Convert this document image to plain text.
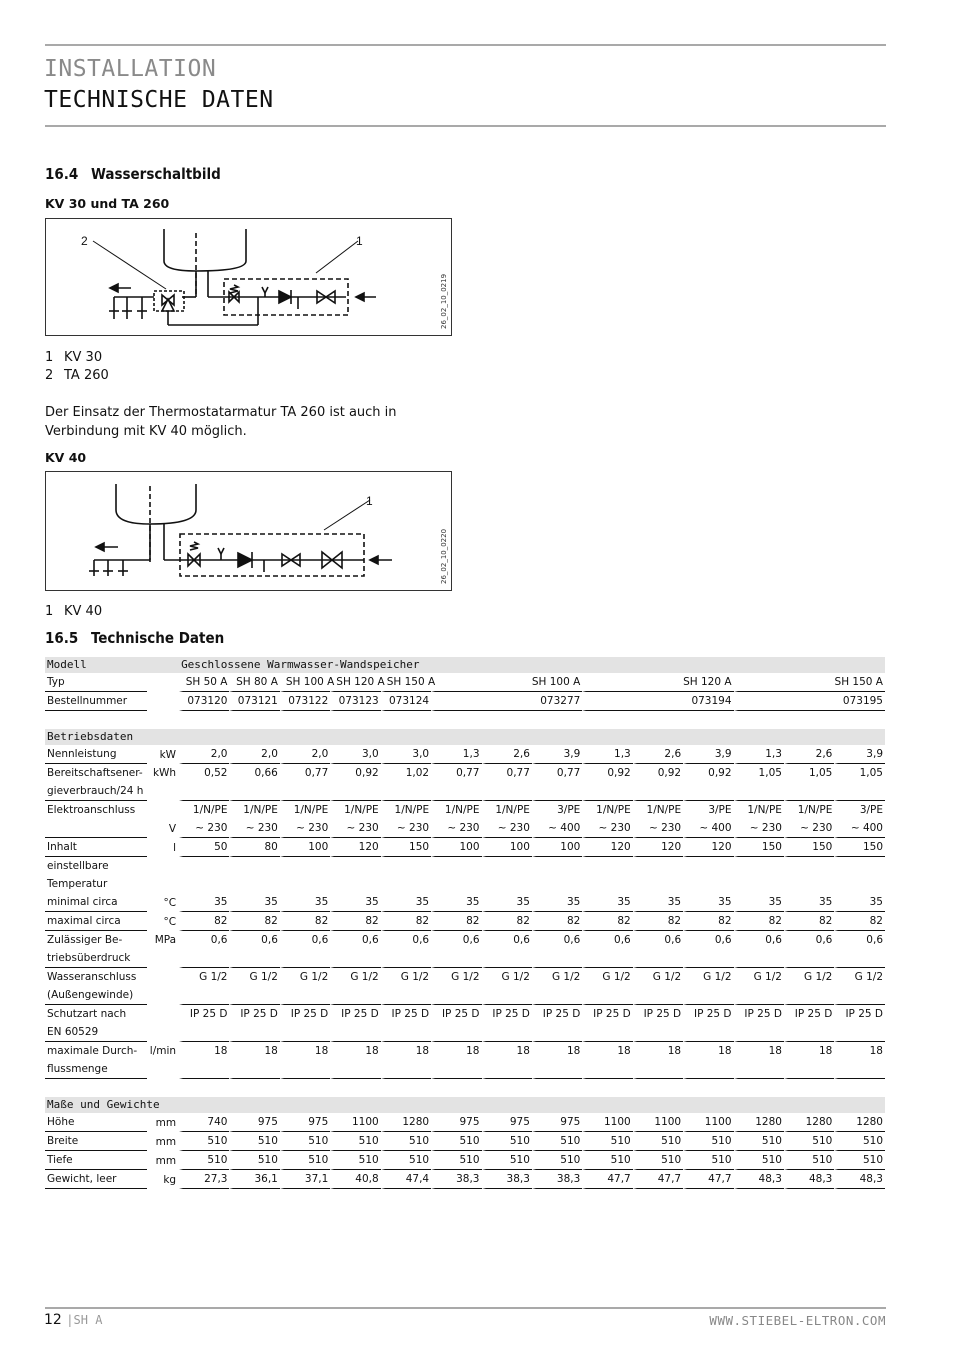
INSTALLATION
TECHNISCHE DATEN
16.4 Wasserschaltbild
KV 30 und TA 260
2	1
26_02_10_0219
1 KV 30
2 TA 260
Der Einsatz der Thermostatarmatur TA 260 ist auch in Verbindung mit KV 40 möglich.
KV 40
1
26_02_10_0220
1 KV 40
16.5 Technische Daten
Modell		Geschlossene Warmwasser-Wandspeicher													
Typ		SH 50 A	SH 80 A	SH 100 A	SH 120 A	SH 150 A	SH 100 A			SH 120 A			SH 150 A		
Bestellnummer		073120	073121	073122	073123	073124	073277			073194			073195		

Betriebsdaten															
Nennleistung	kW	2,0	2,0	2,0	3,0	3,0	1,3	2,6	3,9	1,3	2,6	3,9	1,3	2,6	3,9
Bereitschaftsener-	kWh	0,52	0,66	0,77	0,92	1,02	0,77	0,77	0,77	0,92	0,92	0,92	1,05	1,05	1,05
gieverbrauch/24 h															
Elektroanschluss		1/N/PE	1/N/PE	1/N/PE	1/N/PE	1/N/PE	1/N/PE	1/N/PE	3/PE	1/N/PE	1/N/PE	3/PE	1/N/PE	1/N/PE	3/PE
	V	~ 230	~ 230	~ 230	~ 230	~ 230	~ 230	~ 230	~ 400	~ 230	~ 230	~ 400	~ 230	~ 230	~ 400
Inhalt	l	50	80	100	120	150	100	100	100	120	120	120	150	150	150
einstellbare															
Temperatur															
minimal circa	°C	35	35	35	35	35	35	35	35	35	35	35	35	35	35
maximal circa	°C	82	82	82	82	82	82	82	82	82	82	82	82	82	82
Zulässiger Be-	MPa	0,6	0,6	0,6	0,6	0,6	0,6	0,6	0,6	0,6	0,6	0,6	0,6	0,6	0,6
triebsüberdruck															
Wasseranschluss		G 1/2	G 1/2	G 1/2	G 1/2	G 1/2	G 1/2	G 1/2	G 1/2	G 1/2	G 1/2	G 1/2	G 1/2	G 1/2	G 1/2
(Außengewinde)															
Schutzart nach		IP 25 D	IP 25 D	IP 25 D	IP 25 D	IP 25 D	IP 25 D	IP 25 D	IP 25 D	IP 25 D	IP 25 D	IP 25 D	IP 25 D	IP 25 D	IP 25 D
EN 60529															
maximale Durch-	l/min	18	18	18	18	18	18	18	18	18	18	18	18	18	18
flussmenge															

Maße und Gewichte															
Höhe	mm	740	975	975	1100	1280	975	975	975	1100	1100	1100	1280	1280	1280
Breite	mm	510	510	510	510	510	510	510	510	510	510	510	510	510	510
Tiefe	mm	510	510	510	510	510	510	510	510	510	510	510	510	510	510
Gewicht, leer	kg	27,3	36,1	37,1	40,8	47,4	38,3	38,3	38,3	47,7	47,7	47,7	48,3	48,3	48,3
12 |SH A	WWW.STIEBEL-ELTRON.COM
